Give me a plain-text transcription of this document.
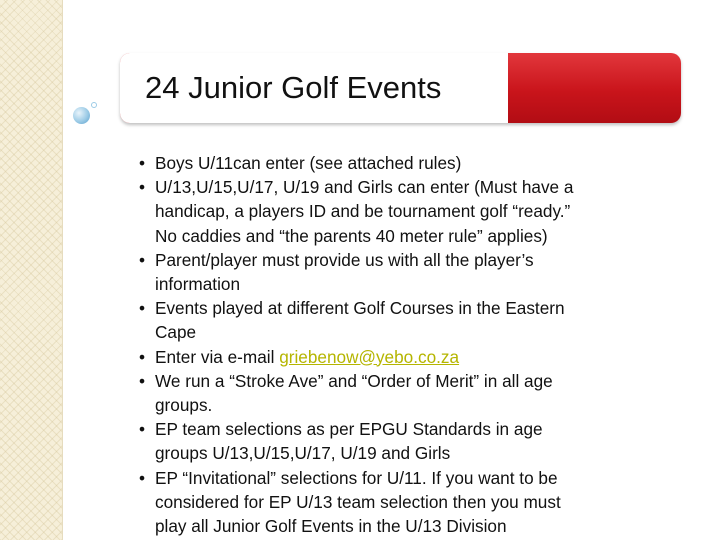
24 Junior Golf Events
• Boys U/11can enter (see attached rules)
• U/13,U/15,U/17, U/19 and Girls can enter (Must have a
handicap, a players ID and be tournament golf “ready.”
No caddies and “the parents 40 meter rule” applies)
• Parent/player must provide us with all the player’s
information
• Events played at different Golf Courses in the Eastern
Cape
• Enter via e-mail griebenow@yebo.co.za
• We run a “Stroke Ave” and “Order of Merit” in all age
groups.
• EP team selections as per EPGU Standards in age
groups U/13,U/15,U/17, U/19 and Girls
• EP “Invitational” selections for U/11. If you want to be
considered for EP U/13 team selection then you must
play all Junior Golf Events in the U/13 Division
